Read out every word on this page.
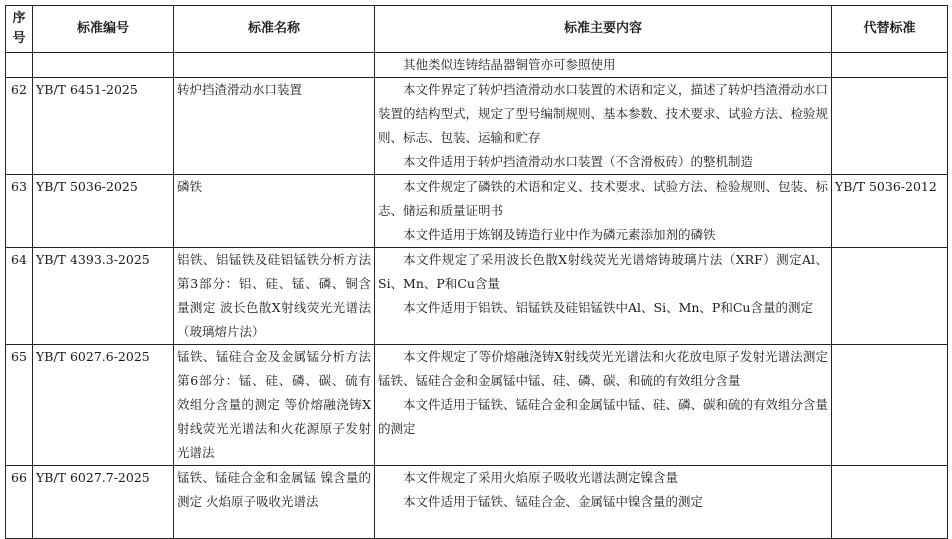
序号	标准编号	标准名称	标准主要内容	代替标准

			其他类似连铸结晶器铜管亦可参照使用	

62	YB/T 6451-2025	转炉挡渣滑动水口装置	本文件界定了转炉挡渣滑动水口装置的术语和定义，描述了转炉挡渣滑动水口装置的结构型式，规定了型号编制规则、基本参数、技术要求、试验方法、检验规则、标志、包装、运输和贮存
本文件适用于转炉挡渣滑动水口装置（不含滑板砖）的整机制造	

63	YB/T 5036-2025	磷铁	本文件规定了磷铁的术语和定义、技术要求、试验方法、检验规则、包装、标志、储运和质量证明书
本文件适用于炼钢及铸造行业中作为磷元素添加剂的磷铁	YB/T 5036-2012
64	YB/T 4393.3-2025	铝铁、铝锰铁及硅铝锰铁分析方法 第3部分：铝、硅、锰、磷、铜含量测定 波长色散X射线荧光光谱法（玻璃熔片法）	本文件规定了采用波长色散X射线荧光光谱熔铸玻璃片法（XRF）测定Al、Si、Mn、P和Cu含量
本文件适用于铝铁、铝锰铁及硅铝锰铁中Al、Si、Mn、P和Cu含量的测定	

65	YB/T 6027.6-2025	锰铁、锰硅合金及金属锰分析方法 第6部分：锰、硅、磷、碳、硫有效组分含量的测定 等价熔融浇铸X射线荧光光谱法和火花源原子发射光谱法	本文件规定了等价熔融浇铸X射线荧光光谱法和火花放电原子发射光谱法测定锰铁、锰硅合金和金属锰中锰、硅、磷、碳、和硫的有效组分含量
本文件适用于锰铁、锰硅合金和金属锰中锰、硅、磷、碳和硫的有效组分含量的测定	

66	YB/T 6027.7-2025	锰铁、锰硅合金和金属锰 镍含量的测定 火焰原子吸收光谱法	本文件规定了采用火焰原子吸收光谱法测定镍含量
本文件适用于锰铁、锰硅合金、金属锰中镍含量的测定	
